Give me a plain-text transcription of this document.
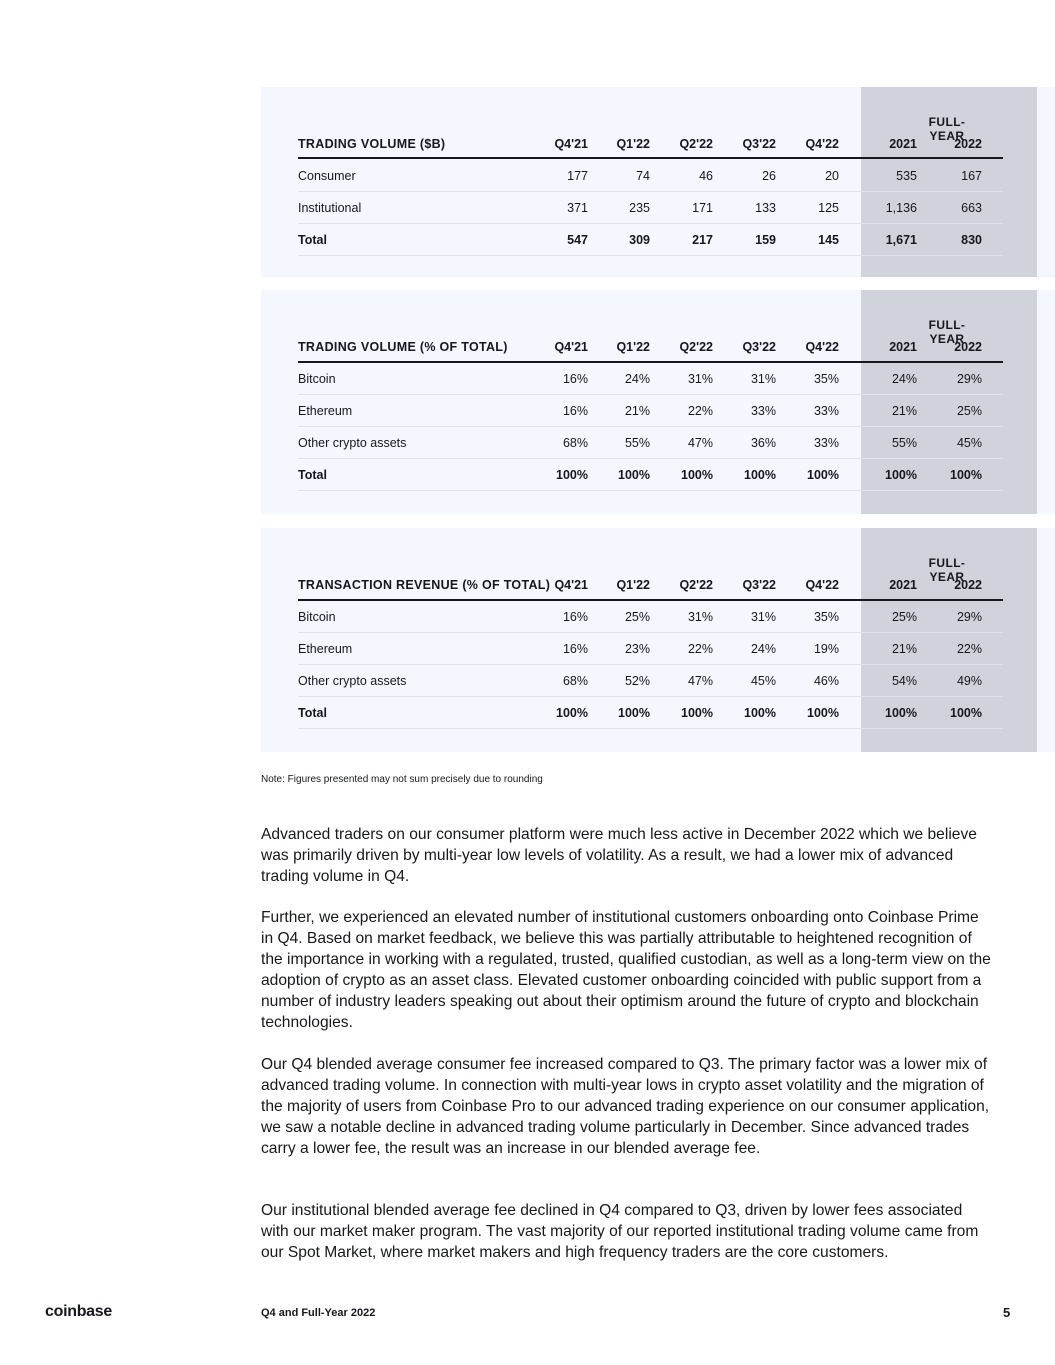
FULL-YEAR
TRADING VOLUME ($B)	Q4'21	Q1'22	Q2'22	Q3'22	Q4'22	2021	2022
Consumer	177	74	46	26	20	535	167
Institutional	371	235	171	133	125	1,136	663
Total	547	309	217	159	145	1,671	830
FULL-YEAR
TRADING VOLUME (% OF TOTAL)	Q4'21	Q1'22	Q2'22	Q3'22	Q4'22	2021	2022
Bitcoin	16%	24%	31%	31%	35%	24%	29%
Ethereum	16%	21%	22%	33%	33%	21%	25%
Other crypto assets	68%	55%	47%	36%	33%	55%	45%
Total	100%	100%	100%	100%	100%	100%	100%
FULL-YEAR
TRANSACTION REVENUE (% OF TOTAL) Q4'21	Q1'22	Q2'22	Q3'22	Q4'22	2021	2022
Bitcoin	16%	25%	31%	31%	35%	25%	29%
Ethereum	16%	23%	22%	24%	19%	21%	22%
Other crypto assets	68%	52%	47%	45%	46%	54%	49%
Total	100%	100%	100%	100%	100%	100%	100%
Note: Figures presented may not sum precisely due to rounding

Advanced traders on our consumer platform were much less active in December 2022 which we believe was primarily driven by multi-year low levels of volatility. As a result, we had a lower mix of advanced trading volume in Q4.

Further, we experienced an elevated number of institutional customers onboarding onto Coinbase Prime in Q4. Based on market feedback, we believe this was partially attributable to heightened recognition of the importance in working with a regulated, trusted, qualified custodian, as well as a long-term view on the adoption of crypto as an asset class. Elevated customer onboarding coincided with public support from a number of industry leaders speaking out about their optimism around the future of crypto and blockchain technologies.

Our Q4 blended average consumer fee increased compared to Q3. The primary factor was a lower mix of advanced trading volume. In connection with multi-year lows in crypto asset volatility and the migration of the majority of users from Coinbase Pro to our advanced trading experience on our consumer application, we saw a notable decline in advanced trading volume particularly in December. Since advanced trades carry a lower fee, the result was an increase in our blended average fee.

Our institutional blended average fee declined in Q4 compared to Q3, driven by lower fees associated with our market maker program. The vast majority of our reported institutional trading volume came from our Spot Market, where market makers and high frequency traders are the core customers.

coinbase	Q4 and Full-Year 2022	5
